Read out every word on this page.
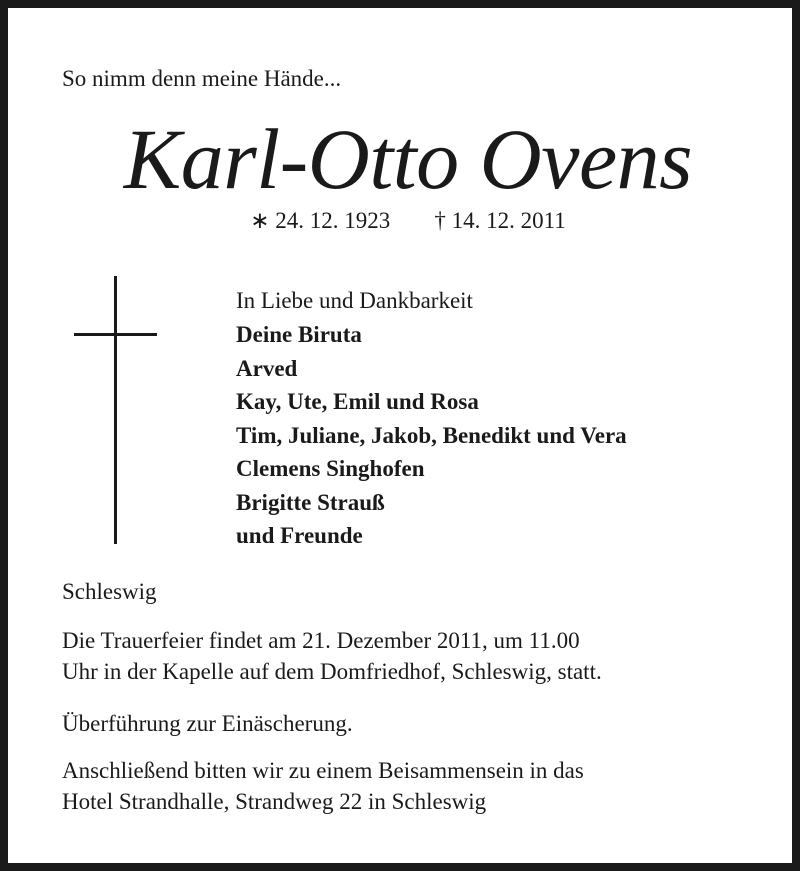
So nimm denn meine Hände...
Karl-Otto Ovens
∗ 24. 12. 1923 † 14. 12. 2011
In Liebe und Dankbarkeit
Deine Biruta
Arved
Kay, Ute, Emil und Rosa
Tim, Juliane, Jakob, Benedikt und Vera
Clemens Singhofen
Brigitte Strauß
und Freunde
Schleswig
Die Trauerfeier findet am 21. Dezember 2011, um 11.00
Uhr in der Kapelle auf dem Domfriedhof, Schleswig, statt.
Überführung zur Einäscherung.
Anschließend bitten wir zu einem Beisammensein in das
Hotel Strandhalle, Strandweg 22 in Schleswig
